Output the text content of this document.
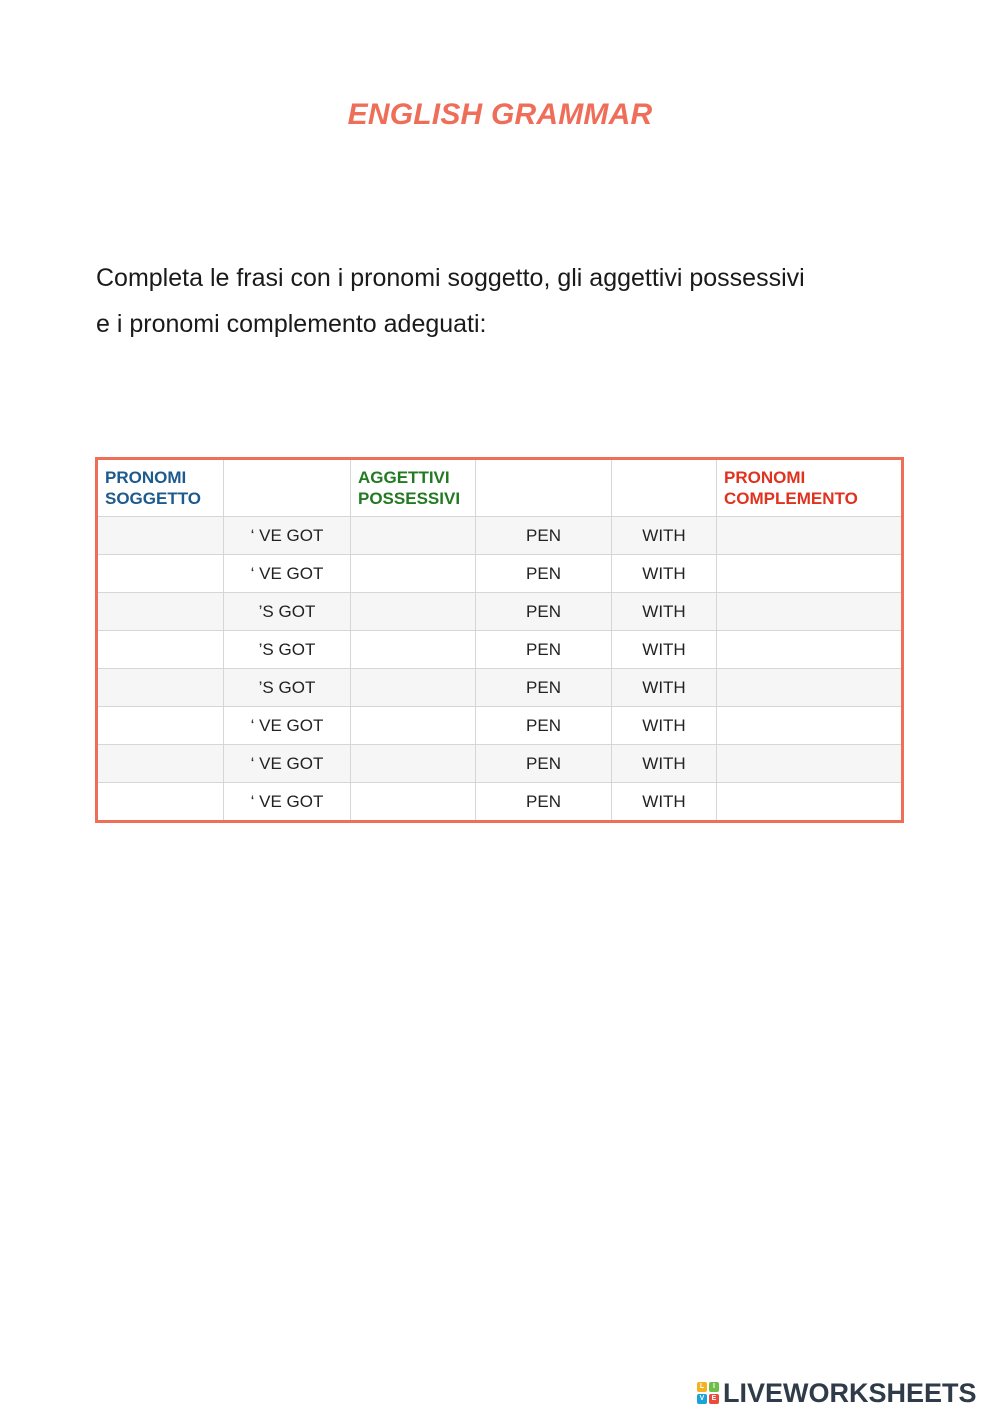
ENGLISH GRAMMAR
Completa le frasi con i pronomi soggetto, gli aggettivi possessivi
e i pronomi complemento adeguati:
PRONOMI SOGGETTO		AGGETTIVI POSSESSIVI			PRONOMI COMPLEMENTO
	‘ VE GOT		PEN	WITH	
	‘ VE GOT		PEN	WITH	
	’S GOT		PEN	WITH	
	’S GOT		PEN	WITH	
	’S GOT		PEN	WITH	
	‘ VE GOT		PEN	WITH	
	‘ VE GOT		PEN	WITH	
	‘ VE GOT		PEN	WITH	
L	I
V	E LIVEWORKSHEETS
